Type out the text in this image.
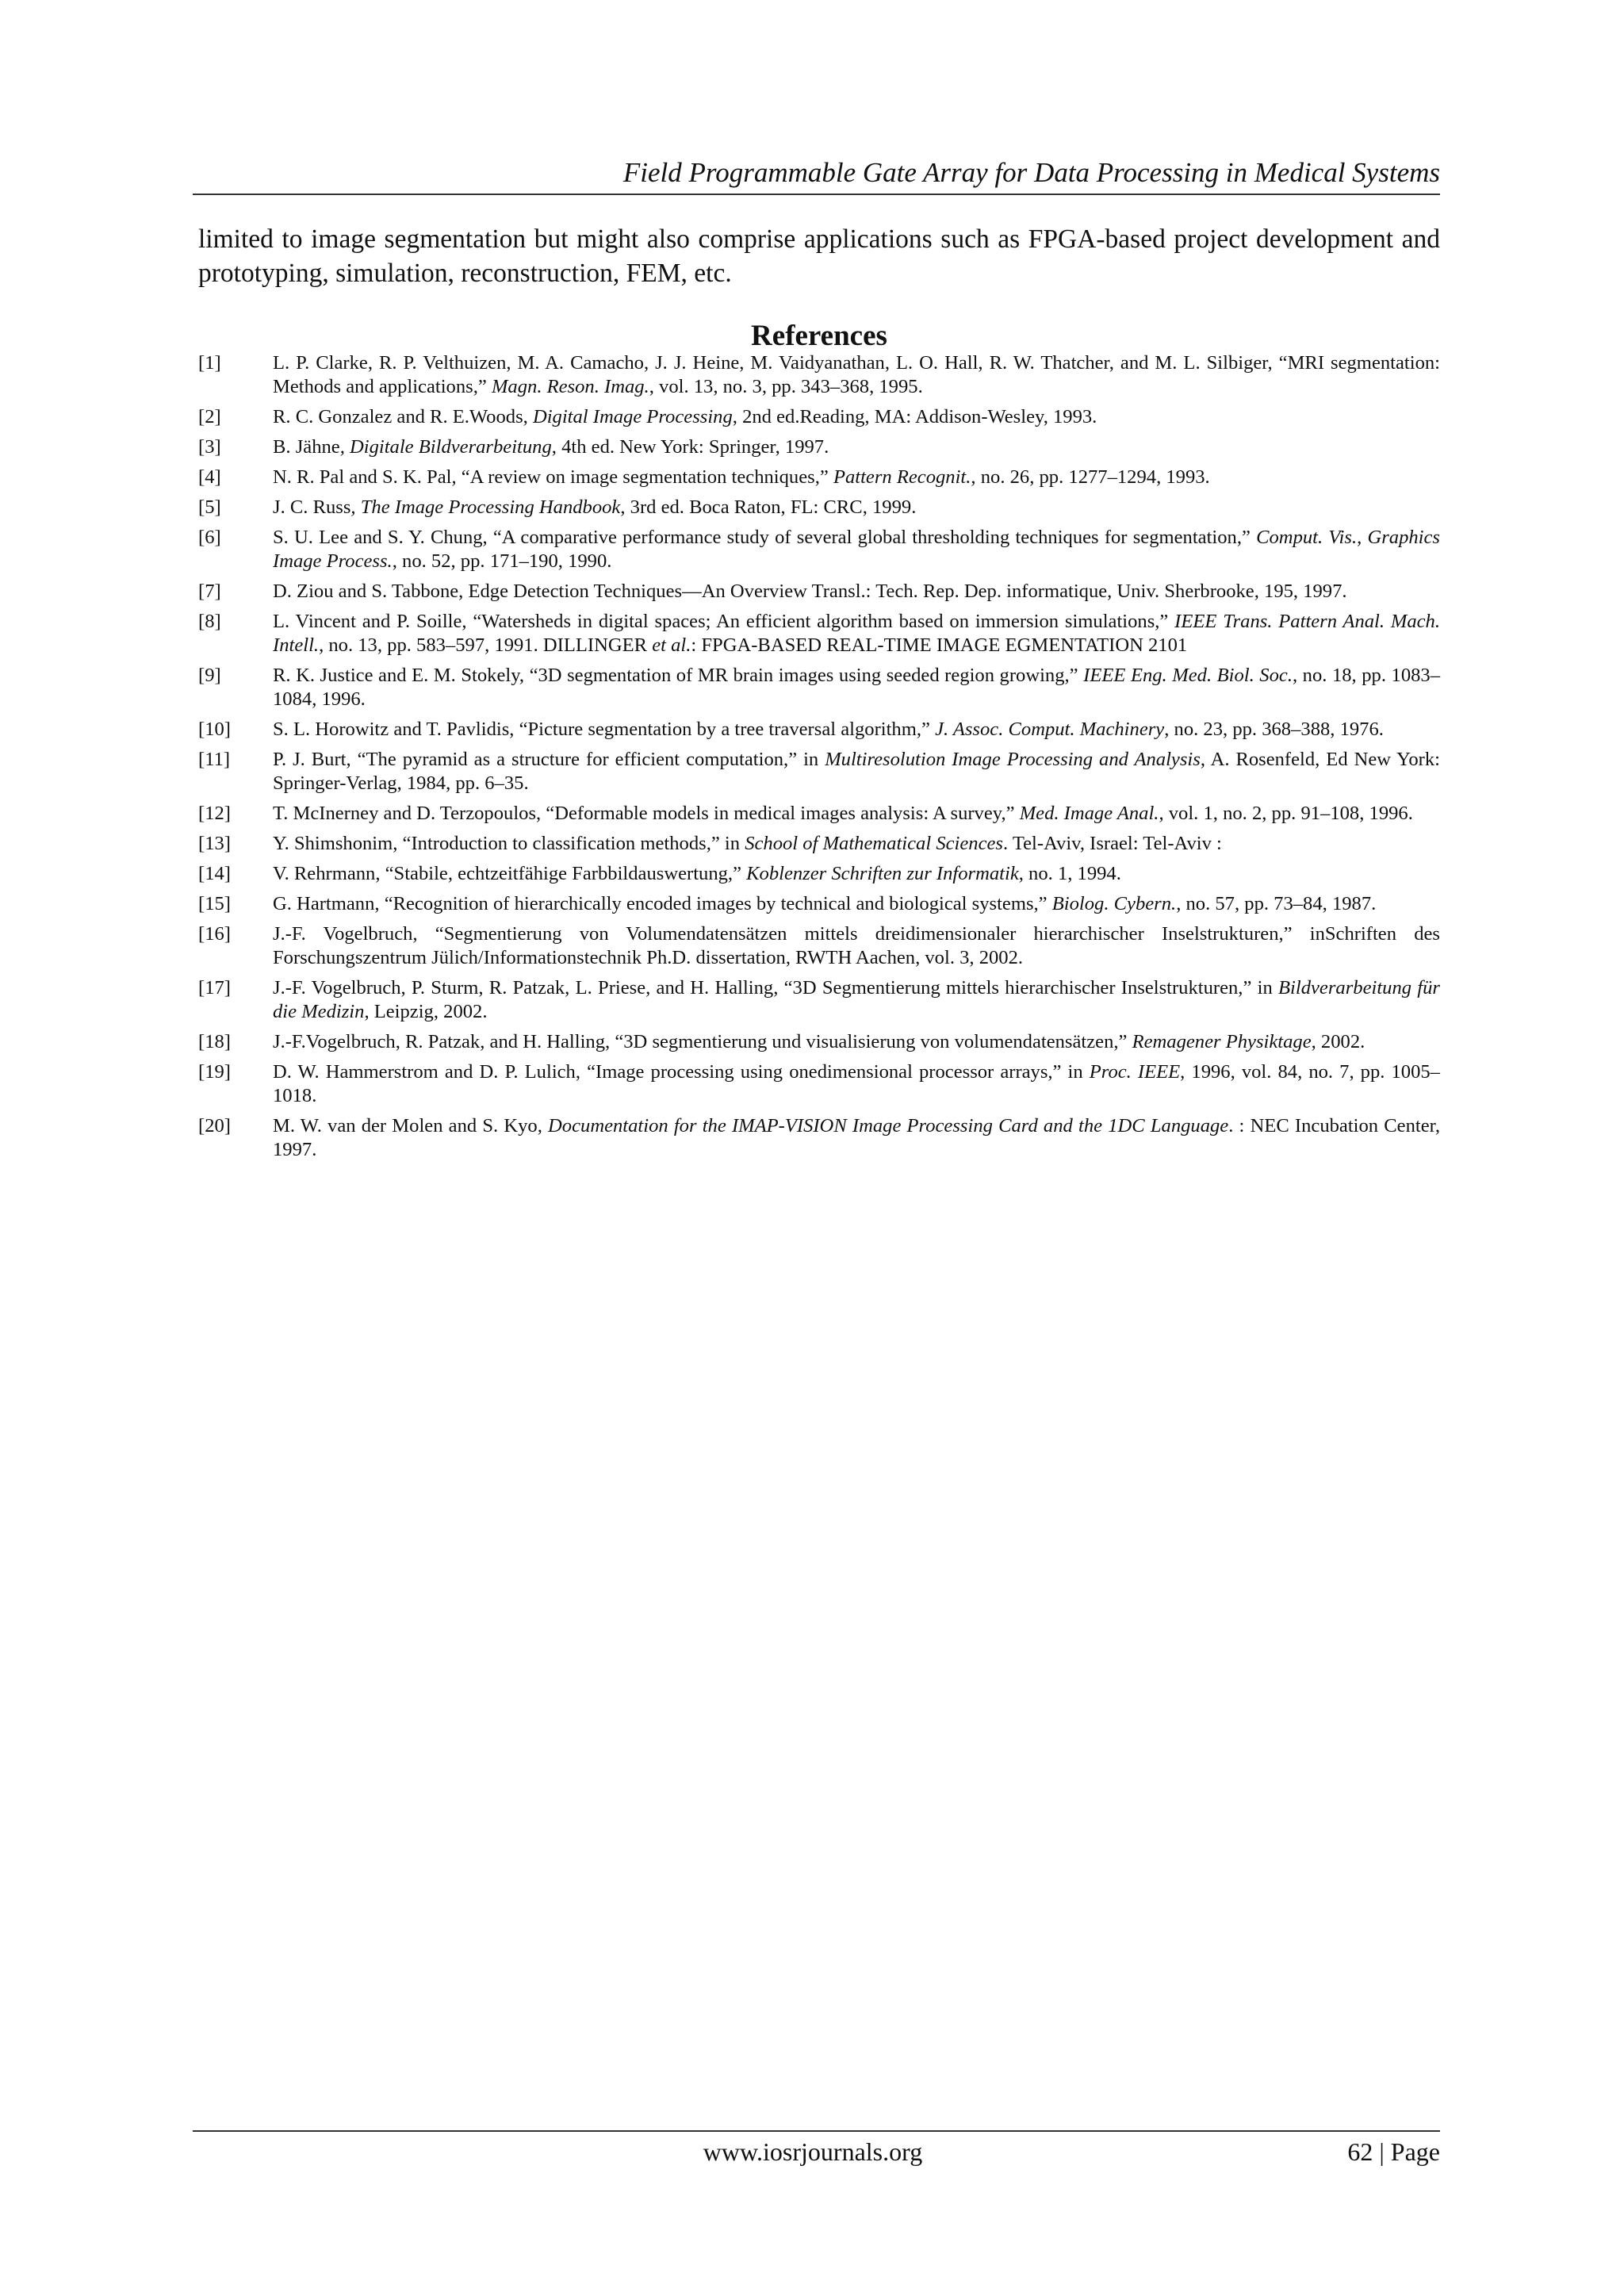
Field Programmable Gate Array for Data Processing in Medical Systems
limited to image segmentation but might also comprise applications such as FPGA-based project development and prototyping, simulation, reconstruction, FEM, etc.
References
[1]	L. P. Clarke, R. P. Velthuizen, M. A. Camacho, J. J. Heine, M. Vaidyanathan, L. O. Hall, R. W. Thatcher, and M. L. Silbiger, “MRI segmentation: Methods and applications,” Magn. Reson. Imag., vol. 13, no. 3, pp. 343–368, 1995.
[2]	R. C. Gonzalez and R. E.Woods, Digital Image Processing, 2nd ed.Reading, MA: Addison-Wesley, 1993.
[3]	B. Jähne, Digitale Bildverarbeitung, 4th ed. New York: Springer, 1997.
[4]	N. R. Pal and S. K. Pal, “A review on image segmentation techniques,” Pattern Recognit., no. 26, pp. 1277–1294, 1993.
[5]	J. C. Russ, The Image Processing Handbook, 3rd ed. Boca Raton, FL: CRC, 1999.
[6]	S. U. Lee and S. Y. Chung, “A comparative performance study of several global thresholding techniques for segmentation,” Comput. Vis., Graphics Image Process., no. 52, pp. 171–190, 1990.
[7]	D. Ziou and S. Tabbone, Edge Detection Techniques—An Overview Transl.: Tech. Rep. Dep. informatique, Univ. Sherbrooke, 195, 1997.
[8]	L. Vincent and P. Soille, “Watersheds in digital spaces; An efficient algorithm based on immersion simulations,” IEEE Trans. Pattern Anal. Mach. Intell., no. 13, pp. 583–597, 1991. DILLINGER et al.: FPGA-BASED REAL-TIME IMAGE EGMENTATION 2101
[9]	R. K. Justice and E. M. Stokely, “3D segmentation of MR brain images using seeded region growing,” IEEE Eng. Med. Biol. Soc., no. 18, pp. 1083–1084, 1996.
[10]	S. L. Horowitz and T. Pavlidis, “Picture segmentation by a tree traversal algorithm,” J. Assoc. Comput. Machinery, no. 23, pp. 368–388, 1976.
[11]	P. J. Burt, “The pyramid as a structure for efficient computation,” in Multiresolution Image Processing and Analysis, A. Rosenfeld, Ed New York: Springer-Verlag, 1984, pp. 6–35.
[12]	T. McInerney and D. Terzopoulos, “Deformable models in medical images analysis: A survey,” Med. Image Anal., vol. 1, no. 2, pp. 91–108, 1996.
[13]	Y. Shimshonim, “Introduction to classification methods,” in School of Mathematical Sciences. Tel-Aviv, Israel: Tel-Aviv :
[14]	V. Rehrmann, “Stabile, echtzeitfähige Farbbildauswertung,” Koblenzer Schriften zur Informatik, no. 1, 1994.
[15]	G. Hartmann, “Recognition of hierarchically encoded images by technical and biological systems,” Biolog. Cybern., no. 57, pp. 73–84, 1987.
[16]	J.-F. Vogelbruch, “Segmentierung von Volumendatensätzen mittels dreidimensionaler hierarchischer Inselstrukturen,” inSchriften des Forschungszentrum Jülich/Informationstechnik Ph.D. dissertation, RWTH Aachen, vol. 3, 2002.
[17]	J.-F. Vogelbruch, P. Sturm, R. Patzak, L. Priese, and H. Halling, “3D Segmentierung mittels hierarchischer Inselstrukturen,” in Bildverarbeitung für die Medizin, Leipzig, 2002.
[18]	J.-F.Vogelbruch, R. Patzak, and H. Halling, “3D segmentierung und visualisierung von volumendatensätzen,” Remagener Physiktage, 2002.
[19]	D. W. Hammerstrom and D. P. Lulich, “Image processing using onedimensional processor arrays,” in Proc. IEEE, 1996, vol. 84, no. 7, pp. 1005–1018.
[20]	M. W. van der Molen and S. Kyo, Documentation for the IMAP-VISION Image Processing Card and the 1DC Language. : NEC Incubation Center, 1997.
www.iosrjournals.org	62 | Page
